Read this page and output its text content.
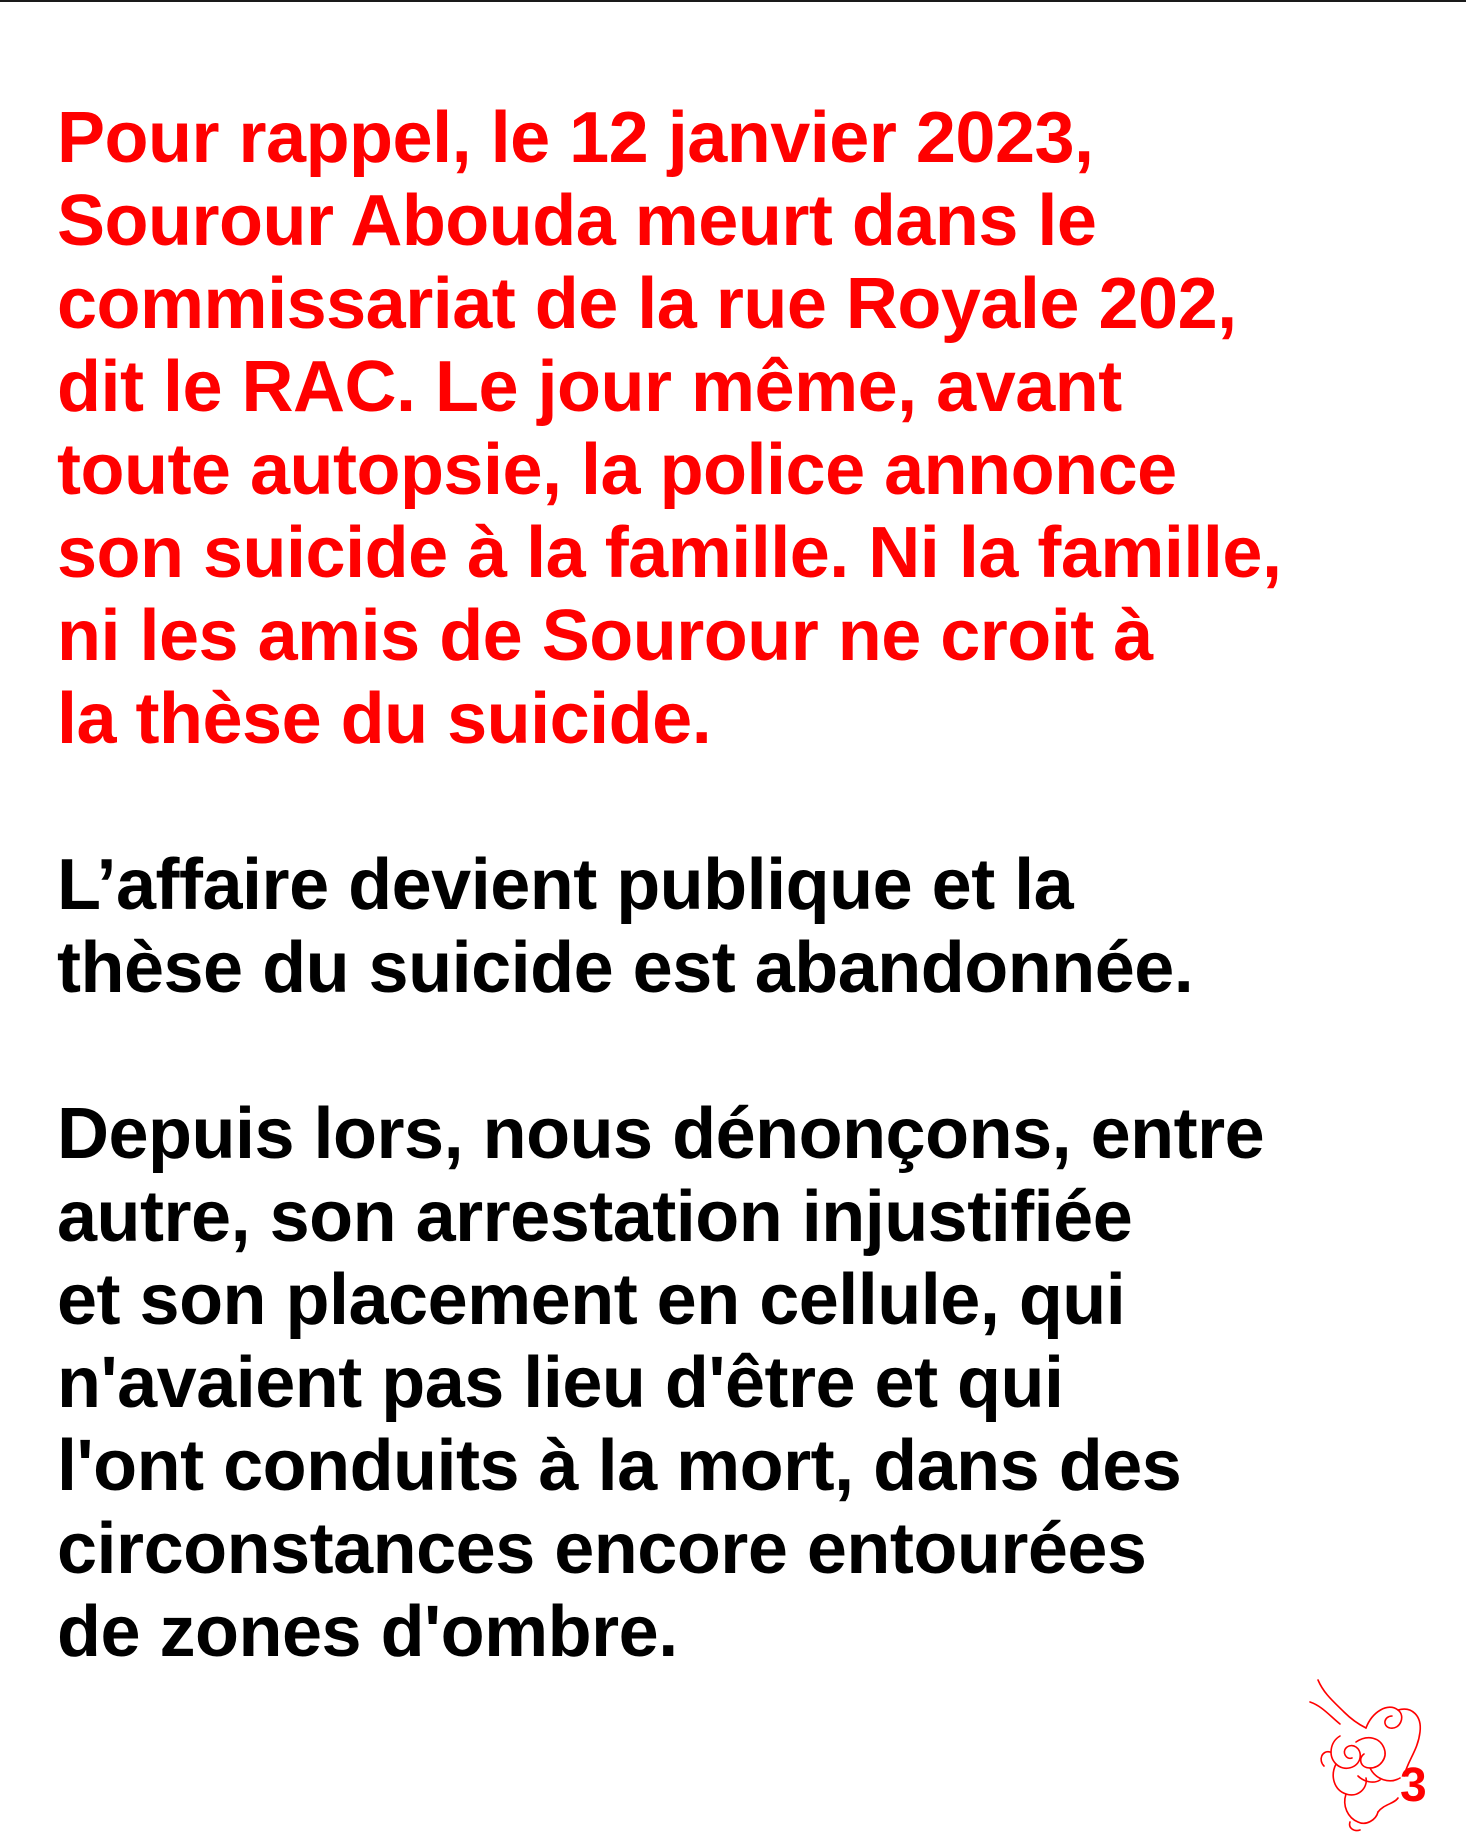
Pour rappel, le 12 janvier 2023,
Sourour Abouda meurt dans le
commissariat de la rue Royale 202,
dit le RAC. Le jour même, avant
toute autopsie, la police annonce
son suicide à la famille. Ni la famille,
ni les amis de Sourour ne croit à
la thèse du suicide.

L’affaire devient publique et la
thèse du suicide est abandonnée.

Depuis lors, nous dénonçons, entre
autre, son arrestation injustifiée
et son placement en cellule, qui
n'avaient pas lieu d'être et qui
l'ont conduits à la mort, dans des
circonstances encore entourées
de zones d'ombre.

3
